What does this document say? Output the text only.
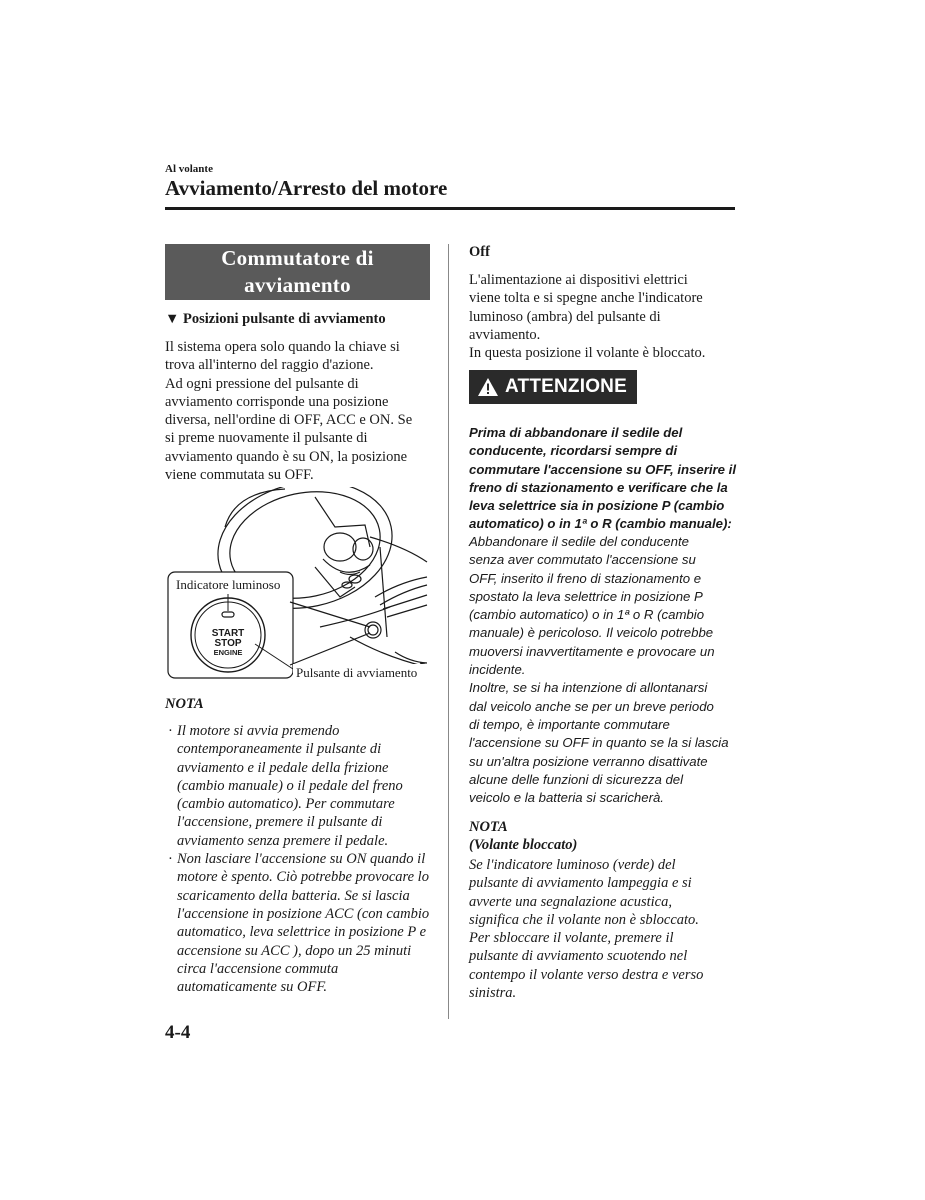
Al volante
Avviamento/Arresto del motore
Commutatore di
avviamento
▼ Posizioni pulsante di avviamento
Il sistema opera solo quando la chiave si
trova all'interno del raggio d'azione.
Ad ogni pressione del pulsante di
avviamento corrisponde una posizione
diversa, nell'ordine di OFF, ACC e ON. Se
si preme nuovamente il pulsante di
avviamento quando è su ON, la posizione
viene commutata su OFF.
START
STOP
ENGINE
Indicatore luminoso
Pulsante di avviamento
NOTA
· Il motore si avvia premendo contemporaneamente il pulsante di avviamento e il pedale della frizione (cambio manuale) o il pedale del freno (cambio automatico). Per commutare l'accensione, premere il pulsante di avviamento senza premere il pedale.
· Non lasciare l'accensione su ON quando il motore è spento. Ciò potrebbe provocare lo scaricamento della batteria. Se si lascia l'accensione in posizione ACC (con cambio automatico, leva selettrice in posizione P e accensione su ACC ), dopo un 25 minuti circa l'accensione commuta automaticamente su OFF.
4-4
Off
L'alimentazione ai dispositivi elettrici
viene tolta e si spegne anche l'indicatore
luminoso (ambra) del pulsante di
avviamento.
In questa posizione il volante è bloccato.
ATTENZIONE
Prima di abbandonare il sedile del
conducente, ricordarsi sempre di
commutare l'accensione su OFF, inserire il
freno di stazionamento e verificare che la
leva selettrice sia in posizione P (cambio
automatico) o in 1ª o R (cambio manuale):
Abbandonare il sedile del conducente
senza aver commutato l'accensione su
OFF, inserito il freno di stazionamento e
spostato la leva selettrice in posizione P
(cambio automatico) o in 1ª o R (cambio
manuale) è pericoloso. Il veicolo potrebbe
muoversi inavvertitamente e provocare un
incidente.
Inoltre, se si ha intenzione di allontanarsi
dal veicolo anche se per un breve periodo
di tempo, è importante commutare
l'accensione su OFF in quanto se la si lascia
su un'altra posizione verranno disattivate
alcune delle funzioni di sicurezza del
veicolo e la batteria si scaricherà.
NOTA
(Volante bloccato)
Se l'indicatore luminoso (verde) del
pulsante di avviamento lampeggia e si
avverte una segnalazione acustica,
significa che il volante non è sbloccato.
Per sbloccare il volante, premere il
pulsante di avviamento scuotendo nel
contempo il volante verso destra e verso
sinistra.
